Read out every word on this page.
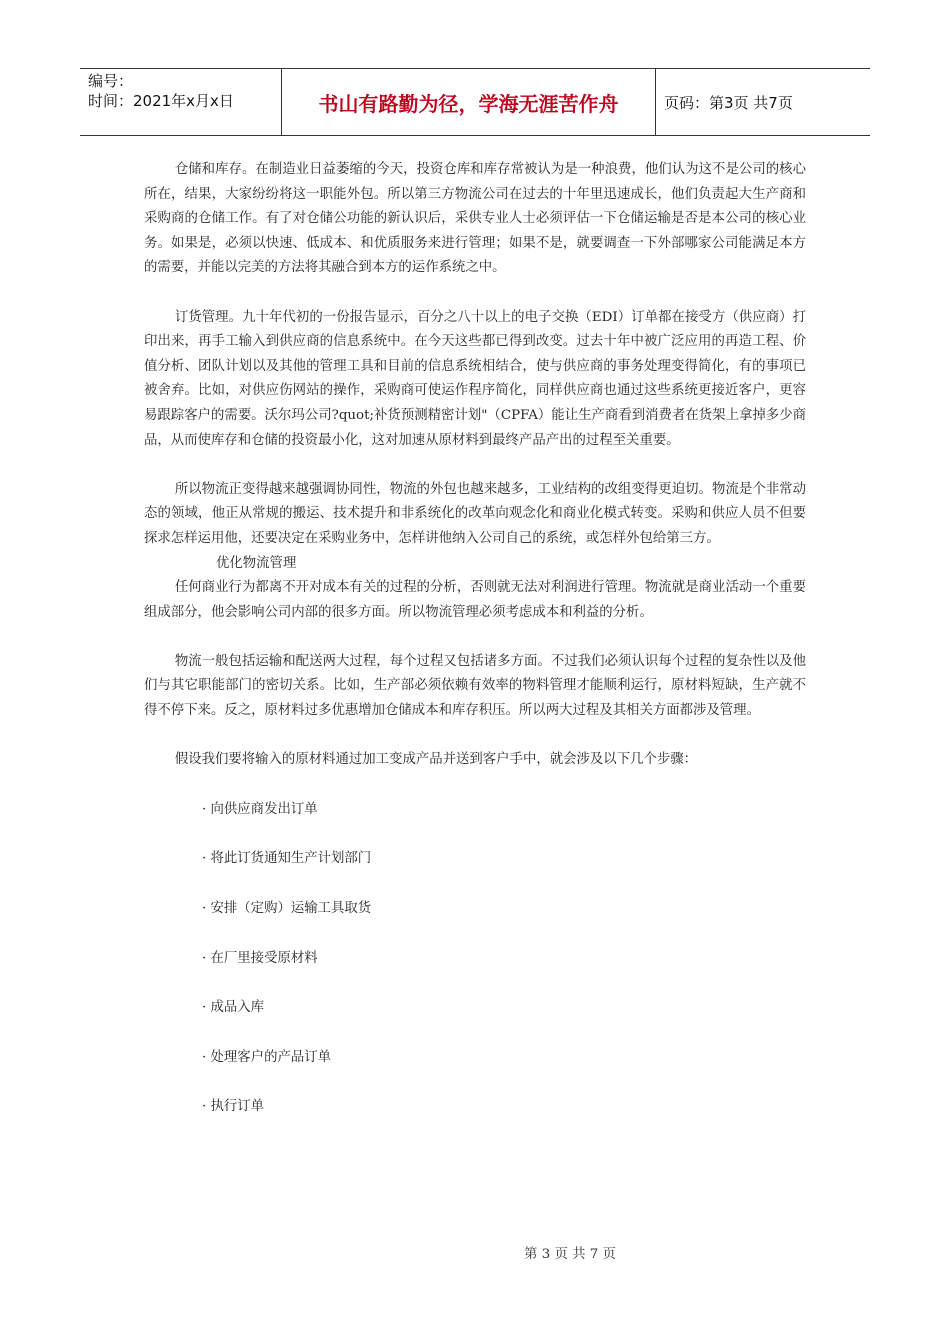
编号：
时间：2021年x月x日	书山有路勤为径，学海无涯苦作舟	页码：第3页 共7页

仓储和库存。在制造业日益萎缩的今天，投资仓库和库存常被认为是一种浪费，他们认为这不是公司的核心所在，结果，大家纷纷将这一职能外包。所以第三方物流公司在过去的十年里迅速成长，他们负责起大生产商和采购商的仓储工作。有了对仓储公功能的新认识后，采供专业人士必须评估一下仓储运输是否是本公司的核心业务。如果是，必须以快速、低成本、和优质服务来进行管理；如果不是，就要调查一下外部哪家公司能满足本方的需要，并能以完美的方法将其融合到本方的运作系统之中。

订货管理。九十年代初的一份报告显示，百分之八十以上的电子交换（EDI）订单都在接受方（供应商）打印出来，再手工输入到供应商的信息系统中。在今天这些都已得到改变。过去十年中被广泛应用的再造工程、价值分析、团队计划以及其他的管理工具和目前的信息系统相结合，使与供应商的事务处理变得简化，有的事项已被舍弃。比如，对供应伤网站的操作，采购商可使运作程序简化，同样供应商也通过这些系统更接近客户，更容易跟踪客户的需要。沃尔玛公司?quot;补货预测精密计划"（CPFA）能让生产商看到消费者在货架上拿掉多少商品，从而使库存和仓储的投资最小化，这对加速从原材料到最终产品产出的过程至关重要。

所以物流正变得越来越强调协同性，物流的外包也越来越多，工业结构的改组变得更迫切。物流是个非常动态的领域，他正从常规的搬运、技术提升和非系统化的改革向观念化和商业化模式转变。采购和供应人员不但要探求怎样运用他，还要决定在采购业务中，怎样讲他纳入公司自己的系统，或怎样外包给第三方。

优化物流管理

任何商业行为都离不开对成本有关的过程的分析，否则就无法对利润进行管理。物流就是商业活动一个重要组成部分，他会影响公司内部的很多方面。所以物流管理必须考虑成本和利益的分析。

物流一般包括运输和配送两大过程，每个过程又包括诸多方面。不过我们必须认识每个过程的复杂性以及他们与其它职能部门的密切关系。比如，生产部必须依赖有效率的物料管理才能顺利运行，原材料短缺，生产就不得不停下来。反之，原材料过多优惠增加仓储成本和库存积压。所以两大过程及其相关方面都涉及管理。

假设我们要将输入的原材料通过加工变成产品并送到客户手中，就会涉及以下几个步骤：

· 向供应商发出订单

· 将此订货通知生产计划部门

· 安排（定购）运输工具取货

· 在厂里接受原材料

· 成品入库

· 处理客户的产品订单

· 执行订单

第 3 页 共 7 页
